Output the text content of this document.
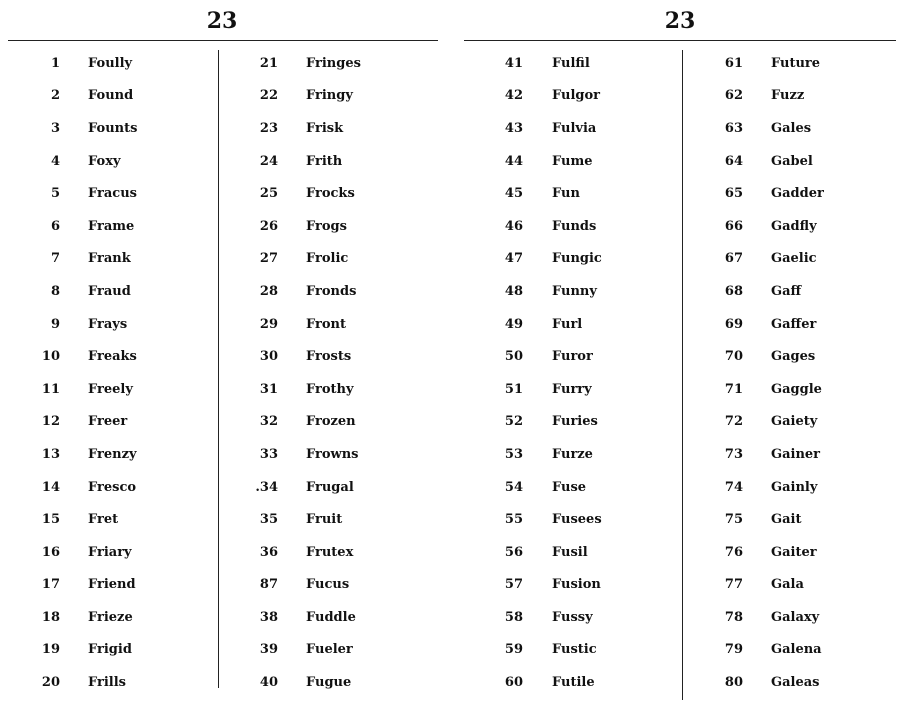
23
1 Foully
2 Found
3 Founts
4 Foxy
5 Fracus
6 Frame
7 Frank
8 Fraud
9 Frays
10 Freaks
11 Freely
12 Freer
13 Frenzy
14 Fresco
15 Fret
16 Friary
17 Friend
18 Frieze
19 Frigid
20 Frills
21 Fringes
22 Fringy
23 Frisk
24 Frith
25 Frocks
26 Frogs
27 Frolic
28 Fronds
29 Front
30 Frosts
31 Frothy
32 Frozen
33 Frowns
.34 Frugal
35 Fruit
36 Frutex
87 Fucus
38 Fuddle
39 Fueler
40 Fugue
23
41 Fulfil
42 Fulgor
43 Fulvia
44 Fume
45 Fun
46 Funds
47 Fungic
48 Funny
49 Furl
50 Furor
51 Furry
52 Furies
53 Furze
54 Fuse
55 Fusees
56 Fusil
57 Fusion
58 Fussy
59 Fustic
60 Futile
61 Future
62 Fuzz
63 Gales
64 Gabel
65 Gadder
66 Gadfly
67 Gaelic
68 Gaff
69 Gaffer
70 Gages
71 Gaggle
72 Gaiety
73 Gainer
74 Gainly
75 Gait
76 Gaiter
77 Gala
78 Galaxy
79 Galena
80 Galeas
